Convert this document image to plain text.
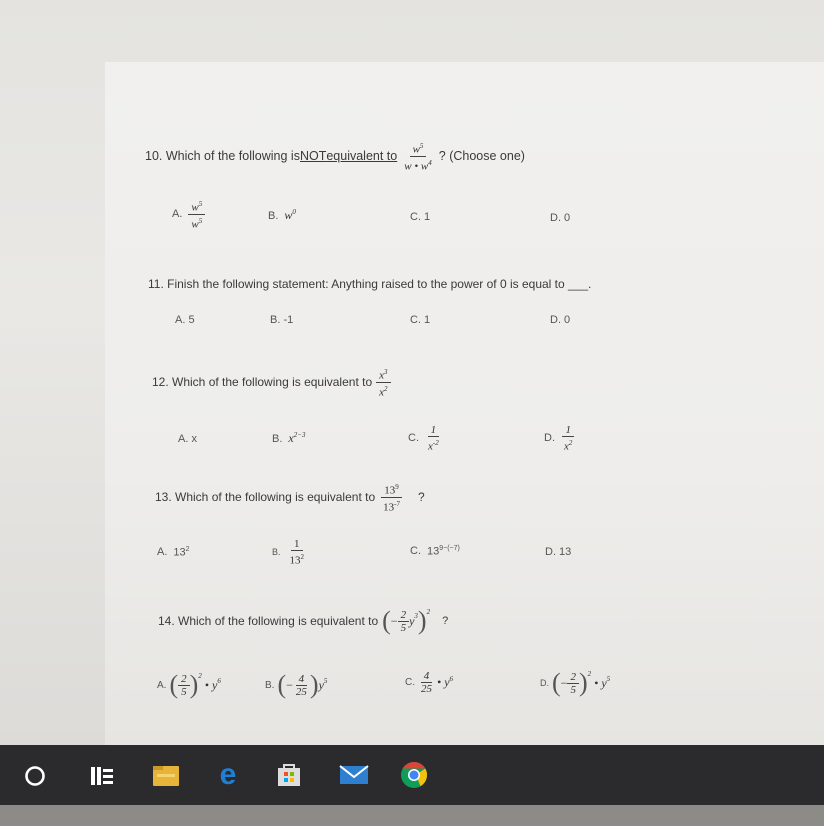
10. Which of the following is NOT equivalent to $\frac{w^5}{w • w^4}$ ? (Choose one)
A. $\frac{w^5}{w^5}$	B. $w^0$	C. 1	D. 0
11. Finish the following statement: Anything raised to the power of 0 is equal to ___.
A. 5	B. -1	C. 1	D. 0
12. Which of the following is equivalent to $\frac{x^3}{x^2}$
A. x	B. $x^{2-3}$	C. $\frac{1}{x^{-2}}$	D. $\frac{1}{x^2}$
13. Which of the following is equivalent to $\frac{13^9}{13^{-7}}$ ?
A. $13^2$	B. $\frac{1}{13^2}$	C. $13^{9-(-7)}$	D. 13
14. Which of the following is equivalent to ( − $\frac{2}{5} y^3$ )$^2$
?
A. ( $\frac{2}{5} )^2$
• $y^6$	B. ( − $\frac{4}{25}$ ) $y^5$	C. $\frac{4}{25}$ • $y^6$	D. ( − $\frac{2}{5} )^2$
• $y^5$
e
